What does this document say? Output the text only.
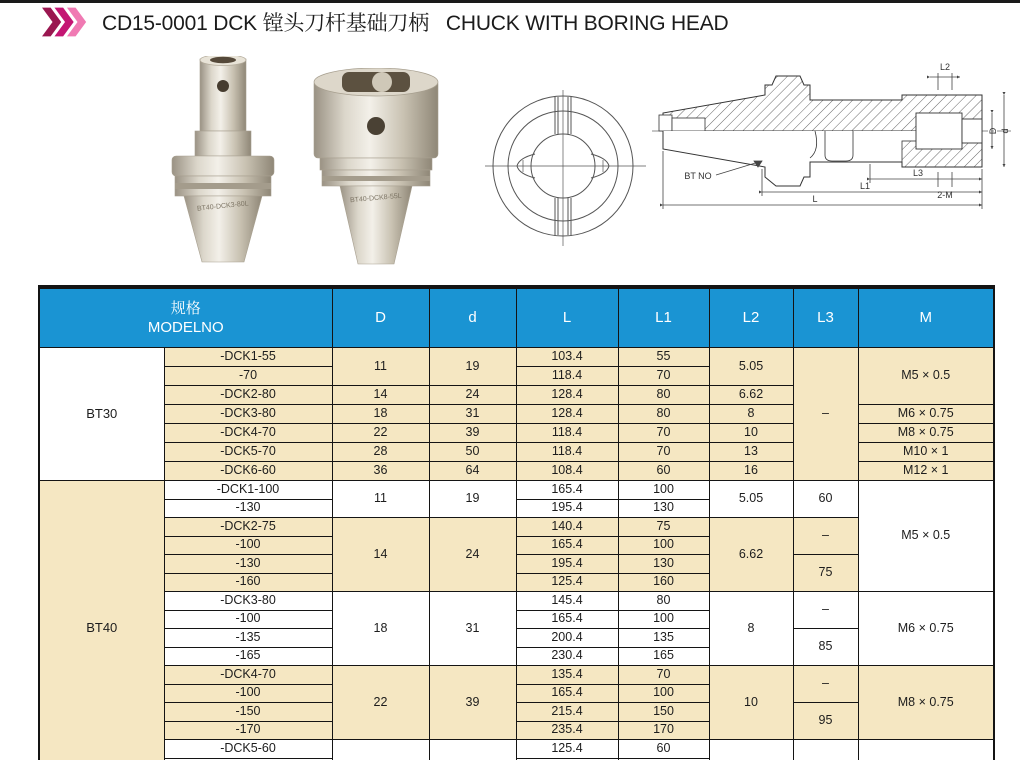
CD15-0001 DCK 镗头刀杆基础刀柄   CHUCK WITH BORING HEAD
BT40-DCK3-80L
BT40-DCK8-55L	L
L1
L3
L2
D d
2-M
BT NO
规格
MODELNO		D	d	L	L1	L2	L3	M
BT30	-DCK1-55	11	19	103.4	55	5.05	–	M5 × 0.5
	-70			118.4	70			
	-DCK2-80	14	24	128.4	80	6.62		
	-DCK3-80	18	31	128.4	80	8		M6 × 0.75
	-DCK4-70	22	39	118.4	70	10		M8 × 0.75
	-DCK5-70	28	50	118.4	70	13		M10 × 1
	-DCK6-60	36	64	108.4	60	16		M12 × 1
BT40	-DCK1-100	11	19	165.4	100	5.05	60	M5 × 0.5
	-130			195.4	130			
	-DCK2-75	14	24	140.4	75	6.62	–	
	-100			165.4	100			
	-130			195.4	130		75	
	-160			125.4	160			
	-DCK3-80	18	31	145.4	80	8	–	M6 × 0.75
	-100			165.4	100			
	-135			200.4	135		85	
	-165			230.4	165			
	-DCK4-70	22	39	135.4	70	10	–	M8 × 0.75
	-100			165.4	100			
	-150			215.4	150		95	
	-170			235.4	170			
	-DCK5-60			125.4	60			
